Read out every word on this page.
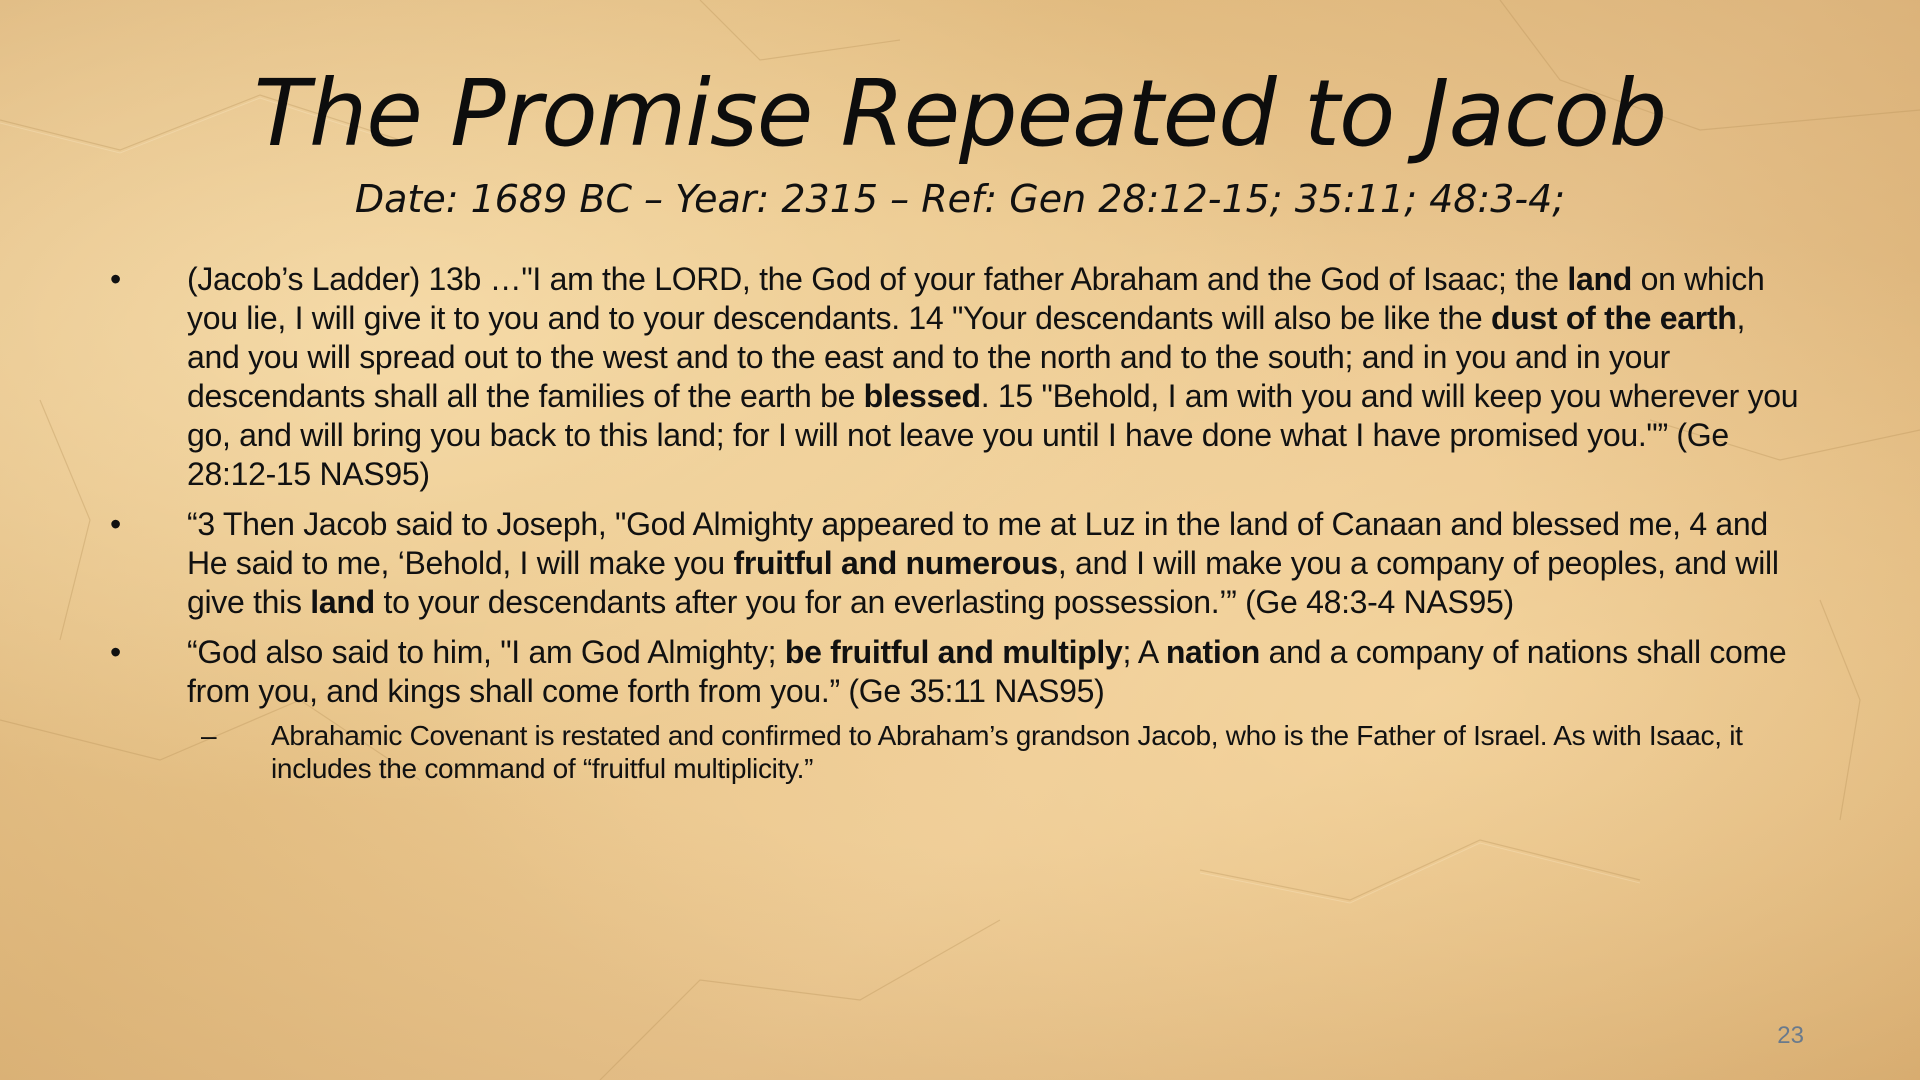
The Promise Repeated to Jacob
Date: 1689 BC – Year: 2315 – Ref: Gen 28:12-15; 35:11; 48:3-4;
•	(Jacob’s Ladder) 13b …"I am the LORD, the God of your father Abraham and the God of Isaac; the land on which you lie, I will give it to you and to your descendants. 14 "Your descendants will also be like the dust of the earth, and you will spread out to the west and to the east and to the north and to the south; and in you and in your descendants shall all the families of the earth be blessed. 15 "Behold, I am with you and will keep you wherever you go, and will bring you back to this land; for I will not leave you until I have done what I have promised you."” (Ge 28:12-15 NAS95)
•	“3 Then Jacob said to Joseph, "God Almighty appeared to me at Luz in the land of Canaan and blessed me, 4 and He said to me, ‘Behold, I will make you fruitful and numerous, and I will make you a company of peoples, and will give this land to your descendants after you for an everlasting possession.’” (Ge 48:3-4 NAS95)
•	“God also said to him, "I am God Almighty; be fruitful and multiply; A nation and a company of nations shall come from you, and kings shall come forth from you.” (Ge 35:11 NAS95)
– Abrahamic Covenant is restated and confirmed to Abraham’s grandson Jacob, who is the Father of Israel. As with Isaac, it includes the command of “fruitful multiplicity.”
23
